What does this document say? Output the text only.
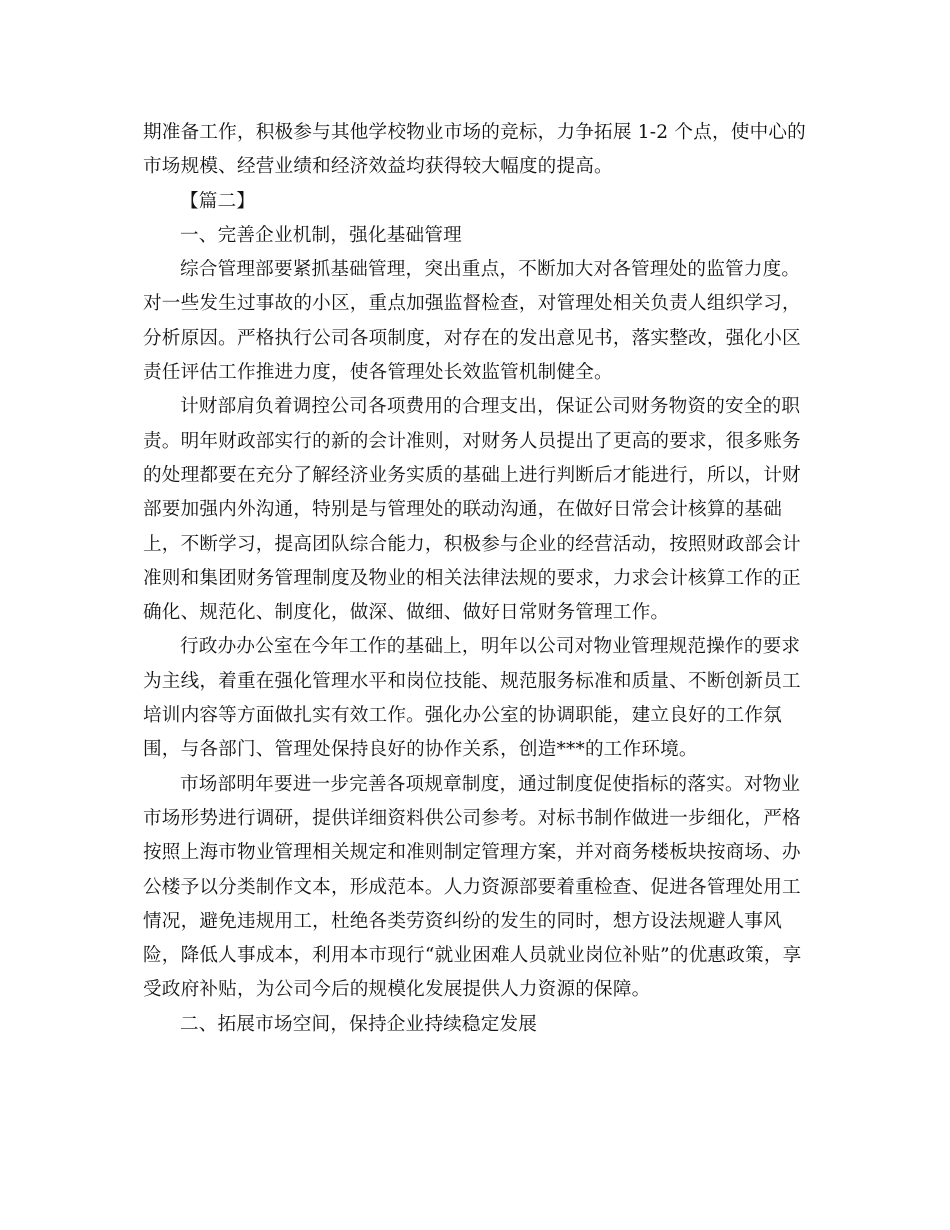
期准备工作，积极参与其他学校物业市场的竞标，力争拓展 1-2 个点，使中心的
市场规模、经营业绩和经济效益均获得较大幅度的提高。
【篇二】
一、完善企业机制，强化基础管理
综合管理部要紧抓基础管理，突出重点，不断加大对各管理处的监管力度。
对一些发生过事故的小区，重点加强监督检查，对管理处相关负责人组织学习，
分析原因。严格执行公司各项制度，对存在的发出意见书，落实整改，强化小区
责任评估工作推进力度，使各管理处长效监管机制健全。
计财部肩负着调控公司各项费用的合理支出，保证公司财务物资的安全的职
责。明年财政部实行的新的会计准则，对财务人员提出了更高的要求，很多账务
的处理都要在充分了解经济业务实质的基础上进行判断后才能进行，所以，计财
部要加强内外沟通，特别是与管理处的联动沟通，在做好日常会计核算的基础
上，不断学习，提高团队综合能力，积极参与企业的经营活动，按照财政部会计
准则和集团财务管理制度及物业的相关法律法规的要求，力求会计核算工作的正
确化、规范化、制度化，做深、做细、做好日常财务管理工作。
行政办办公室在今年工作的基础上，明年以公司对物业管理规范操作的要求
为主线，着重在强化管理水平和岗位技能、规范服务标准和质量、不断创新员工
培训内容等方面做扎实有效工作。强化办公室的协调职能，建立良好的工作氛
围，与各部门、管理处保持良好的协作关系，创造***的工作环境。
市场部明年要进一步完善各项规章制度，通过制度促使指标的落实。对物业
市场形势进行调研，提供详细资料供公司参考。对标书制作做进一步细化，严格
按照上海市物业管理相关规定和准则制定管理方案，并对商务楼板块按商场、办
公楼予以分类制作文本，形成范本。人力资源部要着重检查、促进各管理处用工
情况，避免违规用工，杜绝各类劳资纠纷的发生的同时，想方设法规避人事风
险，降低人事成本，利用本市现行“就业困难人员就业岗位补贴”的优惠政策，享
受政府补贴，为公司今后的规模化发展提供人力资源的保障。
二、拓展市场空间，保持企业持续稳定发展
